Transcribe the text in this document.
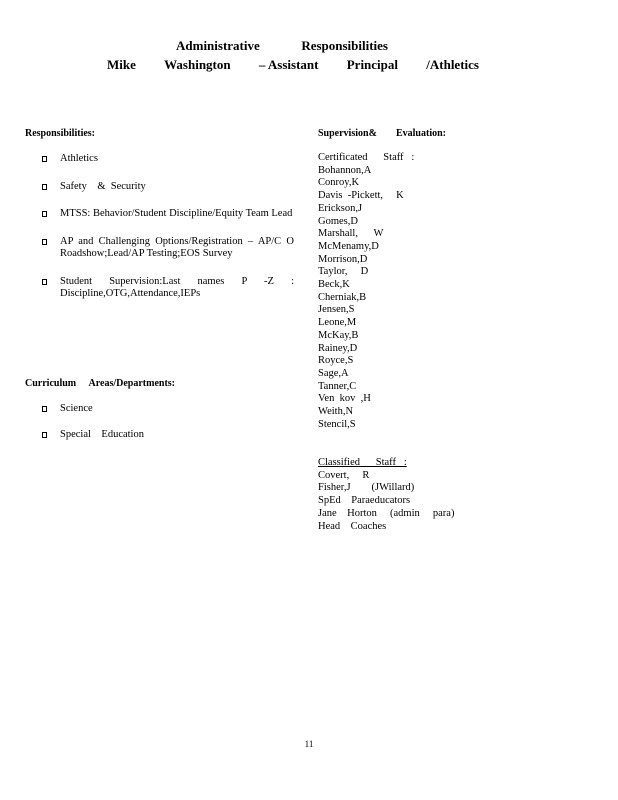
Administrative	Responsibilities
Mike Washington – Assistant Principal /Athletics
Responsibilities:
Athletics
Safety    &  Security
MTSS: Behavior/Student Discipline/Equity Team Lead
AP and Challenging Options/Registration – AP/C O Roadshow;Lead/AP Testing;EOS Survey
Student Supervision:Last names P -Z : Discipline,OTG,Attendance,IEPs
Curriculum Areas/Departments:
Science
Special    Education
Supervision& Evaluation:
Certificated      Staff   :
Bohannon,A
Conroy,K
Davis  -Pickett,     K
Erickson,J
Gomes,D
Marshall,      W
McMenamy,D
Morrison,D
Taylor,     D
Beck,K
Cherniak,B
Jensen,S
Leone,M
McKay,B
Rainey,D
Royce,S
Sage,A
Tanner,C
Ven  kov  ,H
Weith,N
Stencil,S
Classified      Staff   :
Covert,     R
Fisher,J        (JWillard)
SpEd    Paraeducators
Jane    Horton     (admin     para)
Head    Coaches
11
